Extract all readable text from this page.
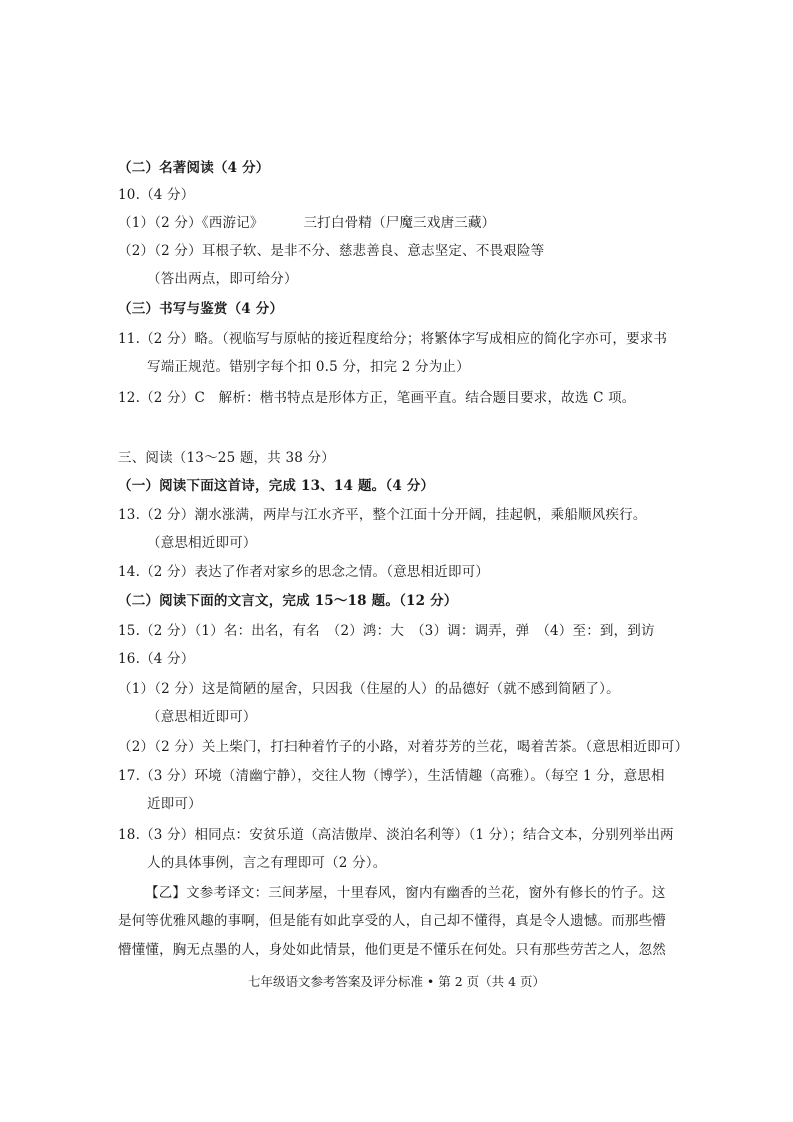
（二）名著阅读（4 分）
10.（4 分）
（1）（2 分）《西游记》	三打白骨精（尸魔三戏唐三藏）
（2）（2 分）耳根子软、是非不分、慈悲善良、意志坚定、不畏艰险等
（答出两点，即可给分）
（三）书写与鉴赏（4 分）
11.（2 分）略。（视临写与原帖的接近程度给分；将繁体字写成相应的简化字亦可，要求书
写端正规范。错别字每个扣 0.5 分，扣完 2 分为止）
12.（2 分）C　解析：楷书特点是形体方正，笔画平直。结合题目要求，故选 C 项。
三、阅读（13～25 题，共 38 分）
（一）阅读下面这首诗，完成 13、14 题。（4 分）
13.（2 分）潮水涨满，两岸与江水齐平，整个江面十分开阔，挂起帆，乘船顺风疾行。
（意思相近即可）
14.（2 分）表达了作者对家乡的思念之情。（意思相近即可）
（二）阅读下面的文言文，完成 15～18 题。（12 分）
15.（2 分）（1）名：出名，有名　（2）鸿：大　（3）调：调弄，弹　（4）至：到，到访
16.（4 分）
（1）（2 分）这是简陋的屋舍，只因我（住屋的人）的品德好（就不感到简陋了）。
（意思相近即可）
（2）（2 分）关上柴门，打扫种着竹子的小路，对着芬芳的兰花，喝着苦茶。（意思相近即可）
17.（3 分）环境（清幽宁静），交往人物（博学），生活情趣（高雅）。（每空 1 分，意思相
近即可）
18.（3 分）相同点：安贫乐道（高洁傲岸、淡泊名利等）（1 分）；结合文本，分别列举出两
人的具体事例，言之有理即可（2 分）。
【乙】文参考译文：三间茅屋，十里春风，窗内有幽香的兰花，窗外有修长的竹子。这
是何等优雅风趣的事啊，但是能有如此享受的人，自己却不懂得，真是令人遗憾。而那些懵
懵懂懂，胸无点墨的人，身处如此情景，他们更是不懂乐在何处。只有那些劳苦之人，忽然
七年级语文参考答案及评分标准 • 第 2 页（共 4 页）
